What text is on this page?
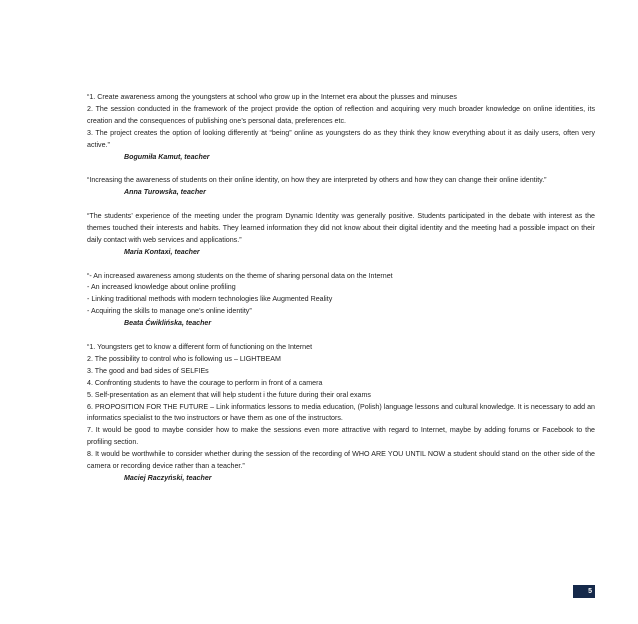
“1. Create awareness among the youngsters at school who grow up in the Internet era about the plusses and minuses

2. The session conducted in the framework of the project provide the option of reflection and acquiring very much broader knowledge on online identities, its creation and the consequences of publishing one’s personal data, preferences etc.

3. The project creates the option of looking differently at “being” online as youngsters do as they think they know everything about it as daily users, often very active.”

Bogumiła Kamut, teacher

“Increasing the awareness of students on their online identity, on how they are interpreted by others and how they can change their online identity.”

Anna Turowska, teacher

“The students’ experience of the meeting under the program Dynamic Identity was generally positive. Students participated in the debate with interest as the themes touched their interests and habits. They learned information they did not know about their digital identity and the meeting had a possible impact on their daily contact with web services and applications.”

Maria Kontaxi, teacher

“- An increased awareness among students on the theme of sharing personal data on the Internet

- An increased knowledge about online profiling

- Linking traditional methods with modern technologies like Augmented Reality

- Acquiring the skills to manage one’s online identity”

Beata Ćwiklińska, teacher

“1. Youngsters get to know a different form of functioning on the Internet

2. The possibility to control who is following us – LIGHTBEAM

3. The good and bad sides of SELFIEs

4. Confronting students to have the courage to perform in front of a camera

5. Self-presentation as an element that will help student i the future during their oral exams

6. PROPOSITION FOR THE FUTURE – Link informatics lessons to media education, (Polish) language lessons and cultural knowledge. It is necessary to add an informatics specialist to the two instructors or have them as one of the instructors.

7. It would be good to maybe consider how to make the sessions even more attractive with regard to Internet, maybe by adding forums or Facebook to the profiling section.

8. It would be worthwhile to consider whether during the session of the recording of WHO ARE YOU UNTIL NOW a student should stand on the other side of the camera or recording device rather than a teacher.”

Maciej Raczyński, teacher

5
